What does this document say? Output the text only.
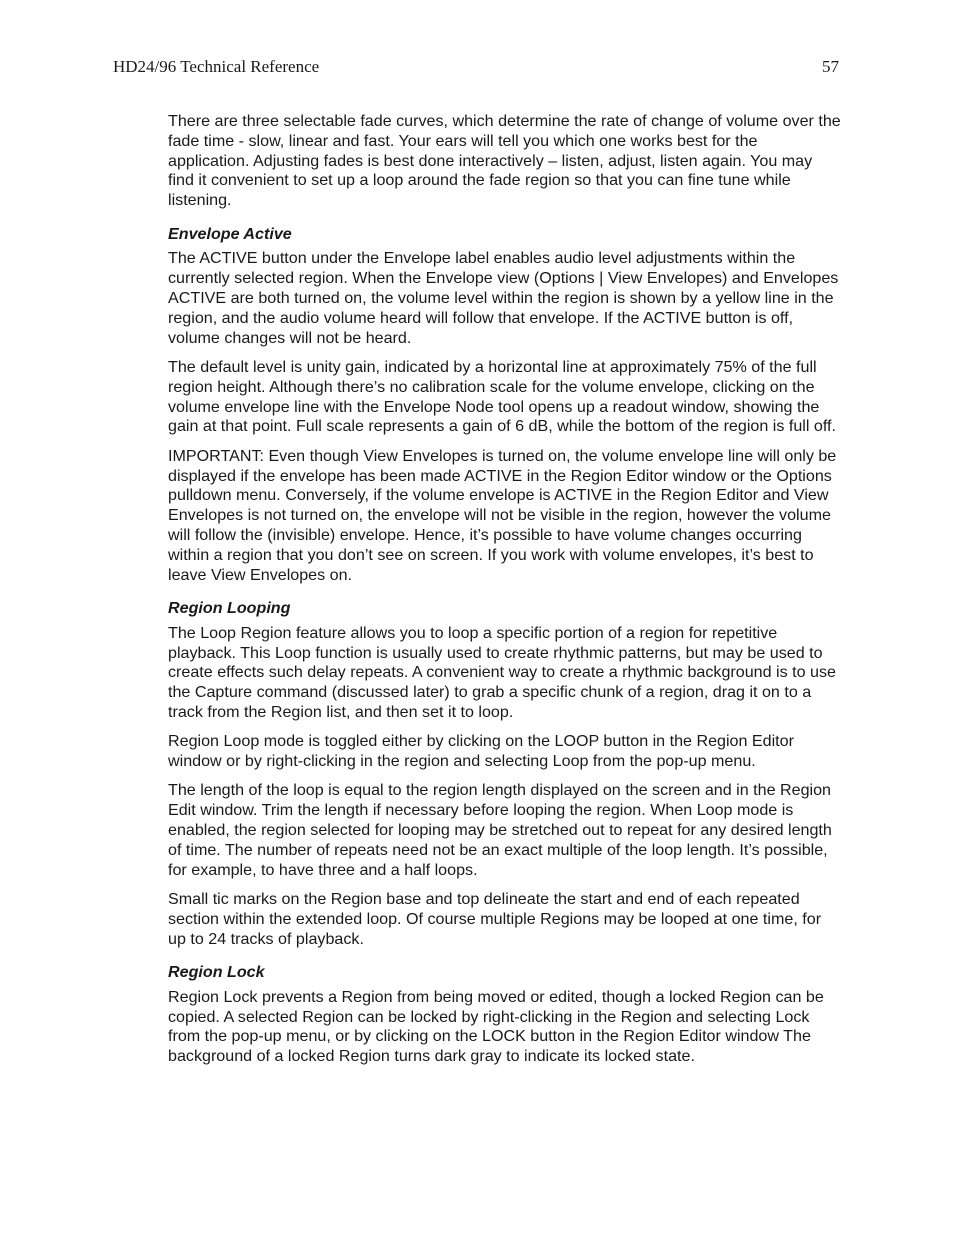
HD24/96 Technical Reference	57

There are three selectable fade curves, which determine the rate of change of volume over the fade time - slow, linear and fast. Your ears will tell you which one works best for the application. Adjusting fades is best done interactively – listen, adjust, listen again. You may find it convenient to set up a loop around the fade region so that you can fine tune while listening.

Envelope Active

The ACTIVE button under the Envelope label enables audio level adjustments within the currently selected region. When the Envelope view (Options | View Envelopes) and Envelopes ACTIVE are both turned on, the volume level within the region is shown by a yellow line in the region, and the audio volume heard will follow that envelope. If the ACTIVE button is off, volume changes will not be heard.

The default level is unity gain, indicated by a horizontal line at approximately 75% of the full region height. Although there’s no calibration scale for the volume envelope, clicking on the volume envelope line with the Envelope Node tool opens up a readout window, showing the gain at that point. Full scale represents a gain of 6 dB, while the bottom of the region is full off.

IMPORTANT: Even though View Envelopes is turned on, the volume envelope line will only be displayed if the envelope has been made ACTIVE in the Region Editor window or the Options pulldown menu. Conversely, if the volume envelope is ACTIVE in the Region Editor and View Envelopes is not turned on, the envelope will not be visible in the region, however the volume will follow the (invisible) envelope. Hence, it’s possible to have volume changes occurring within a region that you don’t see on screen. If you work with volume envelopes, it’s best to leave View Envelopes on.

Region Looping

The Loop Region feature allows you to loop a specific portion of a region for repetitive playback. This Loop function is usually used to create rhythmic patterns, but may be used to create effects such delay repeats. A convenient way to create a rhythmic background is to use the Capture command (discussed later) to grab a specific chunk of a region, drag it on to a track from the Region list, and then set it to loop.

Region Loop mode is toggled either by clicking on the LOOP button in the Region Editor window or by right-clicking in the region and selecting Loop from the pop-up menu.

The length of the loop is equal to the region length displayed on the screen and in the Region Edit window. Trim the length if necessary before looping the region. When Loop mode is enabled, the region selected for looping may be stretched out to repeat for any desired length of time. The number of repeats need not be an exact multiple of the loop length. It’s possible, for example, to have three and a half loops.

Small tic marks on the Region base and top delineate the start and end of each repeated section within the extended loop. Of course multiple Regions may be looped at one time, for up to 24 tracks of playback.

Region Lock

Region Lock prevents a Region from being moved or edited, though a locked Region can be copied. A selected Region can be locked by right-clicking in the Region and selecting Lock from the pop-up menu, or by clicking on the LOCK button in the Region Editor window The background of a locked Region turns dark gray to indicate its locked state.
